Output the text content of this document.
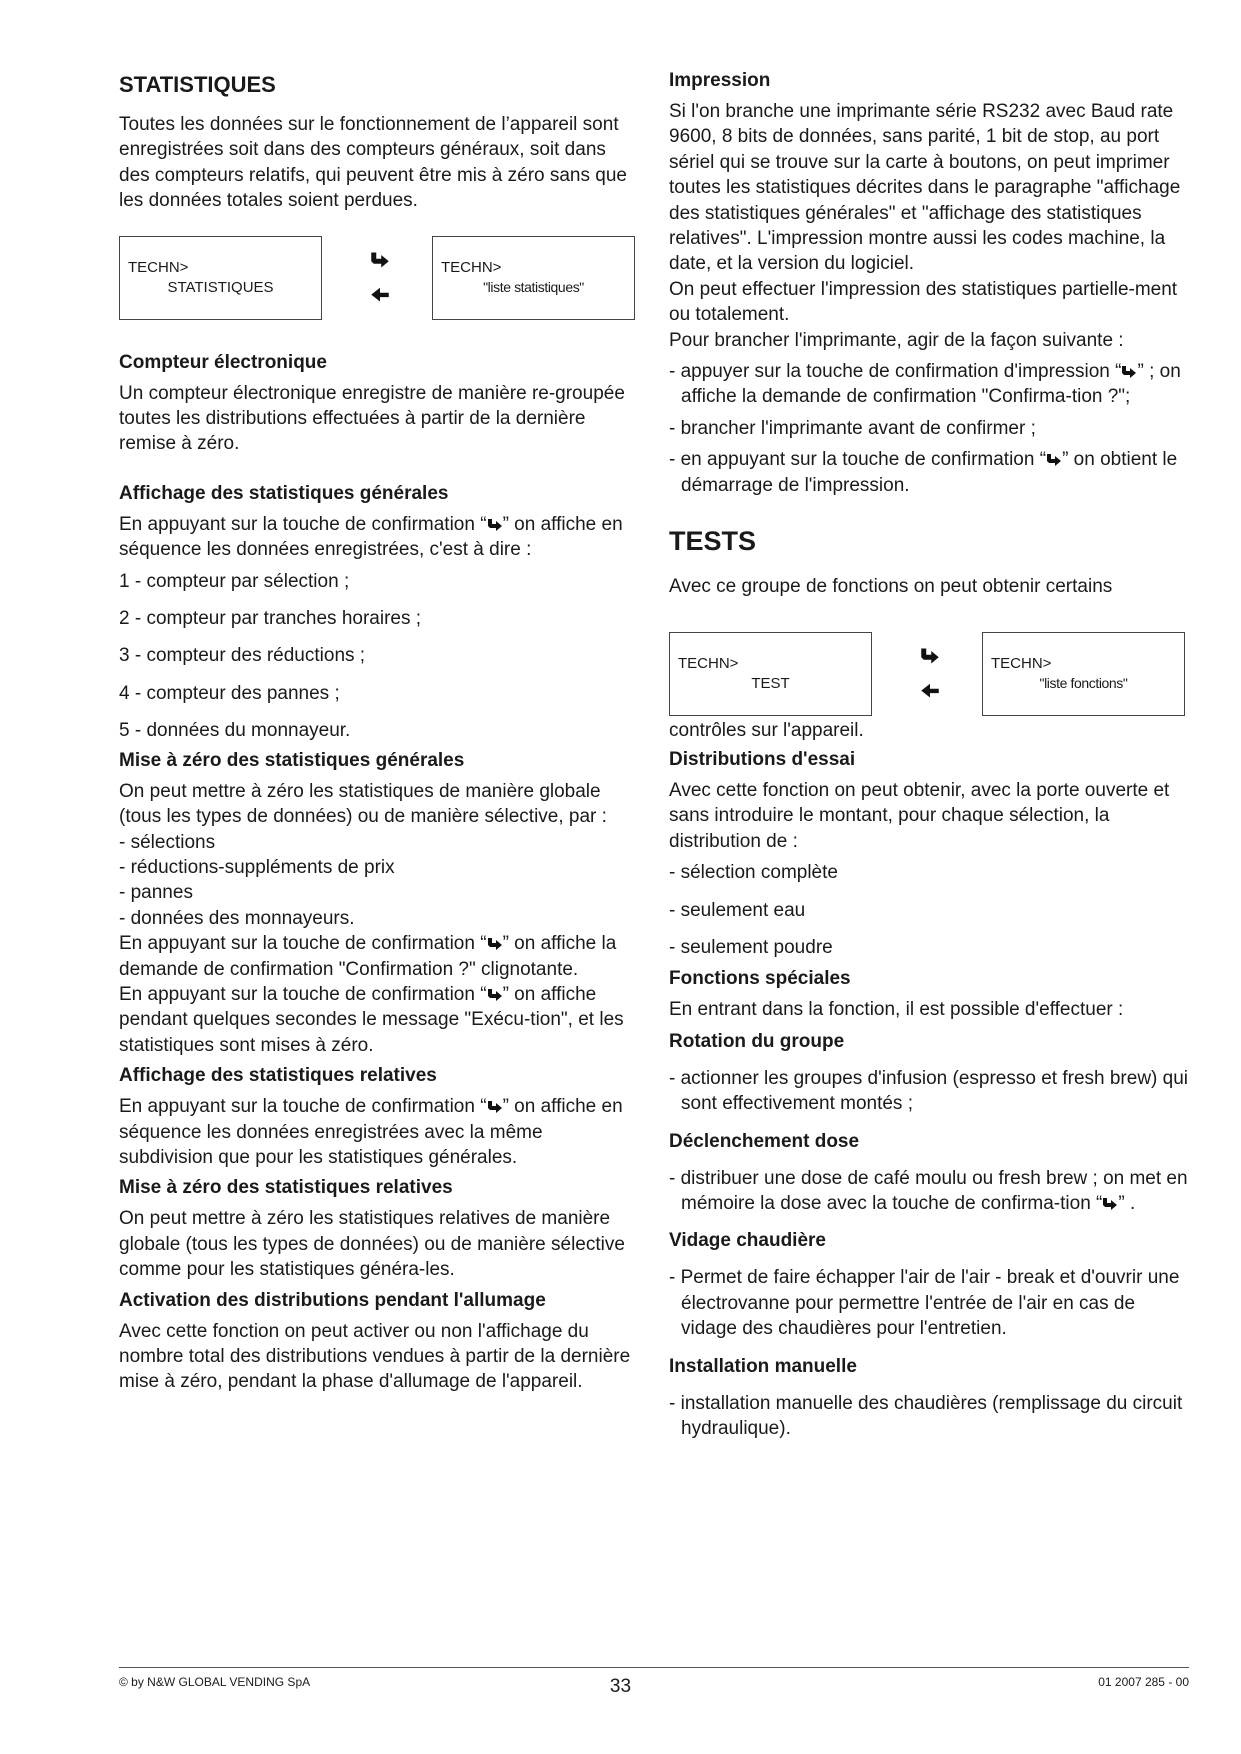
STATISTIQUES

Toutes les données sur le fonctionnement de l’appareil sont enregistrées soit dans des compteurs généraux, soit dans des compteurs relatifs, qui peuvent être mis à zéro sans que les données totales soient perdues.

TECHN>
STATISTIQUES
TECHN>
"liste statistiques"
Compteur électronique

Un compteur électronique enregistre de manière re-groupée toutes les distributions effectuées à partir de la dernière remise à zéro.

Affichage des statistiques générales

En appuyant sur la touche de confirmation “ ” on affiche en séquence les données enregistrées, c'est à dire :

1 - compteur par sélection ;

2 - compteur par tranches horaires ;

3 - compteur des réductions ;

4 - compteur des pannes ;

5 - données du monnayeur.

Mise à zéro des statistiques générales

On peut mettre à zéro les statistiques de manière globale (tous les types de données) ou de manière sélective, par :

- sélections

- réductions-suppléments de prix

- pannes

- données des monnayeurs.

En appuyant sur la touche de confirmation “ ” on affiche la demande de confirmation "Confirmation ?" clignotante.

En appuyant sur la touche de confirmation “ ” on affiche pendant quelques secondes le message "Exécu-tion", et les statistiques sont mises à zéro.

Affichage des statistiques relatives

En appuyant sur la touche de confirmation “ ” on affiche en séquence les données enregistrées avec la même subdivision que pour les statistiques générales.

Mise à zéro des statistiques relatives

On peut mettre à zéro les statistiques relatives de manière globale (tous les types de données) ou de manière sélective comme pour les statistiques généra-les.

Activation des distributions pendant l'allumage

Avec cette fonction on peut activer ou non l'affichage du nombre total des distributions vendues à partir de la dernière mise à zéro, pendant la phase d'allumage de l'appareil.

Impression

Si l'on branche une imprimante série RS232 avec Baud rate 9600, 8 bits de données, sans parité, 1 bit de stop, au port sériel qui se trouve sur la carte à boutons, on peut imprimer toutes les statistiques décrites dans le paragraphe "affichage des statistiques générales" et "affichage des statistiques relatives". L'impression montre aussi les codes machine, la date, et la version du logiciel.

On peut effectuer l'impression des statistiques partielle-ment ou totalement.

Pour brancher l'imprimante, agir de la façon suivante :

- appuyer sur la touche de confirmation d'impression “ ” ; on affiche la demande de confirmation "Confirma-tion ?";

- brancher l'imprimante avant de confirmer ;

- en appuyant sur la touche de confirmation “ ” on obtient le démarrage de l'impression.

TESTS

Avec ce groupe de fonctions on peut obtenir certains

TECHN>
TEST
TECHN>
"liste fonctions"

contrôles sur l'appareil.

Distributions d'essai

Avec cette fonction on peut obtenir, avec la porte ouverte et sans introduire le montant, pour chaque sélection, la distribution de :

- sélection complète

- seulement eau

- seulement poudre

Fonctions spéciales

En entrant dans la fonction, il est possible d'effectuer :

Rotation du groupe

- actionner les groupes d'infusion (espresso et fresh brew) qui sont effectivement montés ;

Déclenchement dose

- distribuer une dose de café moulu ou fresh brew ; on met en mémoire la dose avec la touche de confirma-tion “ ” .

Vidage chaudière

- Permet de faire échapper l'air de l'air - break et d'ouvrir une électrovanne pour permettre l'entrée de l'air en cas de vidage des chaudières pour l'entretien.

Installation manuelle

- installation manuelle des chaudières (remplissage du circuit hydraulique).

© by N&W GLOBAL VENDING SpA	33	01 2007 285 - 00
